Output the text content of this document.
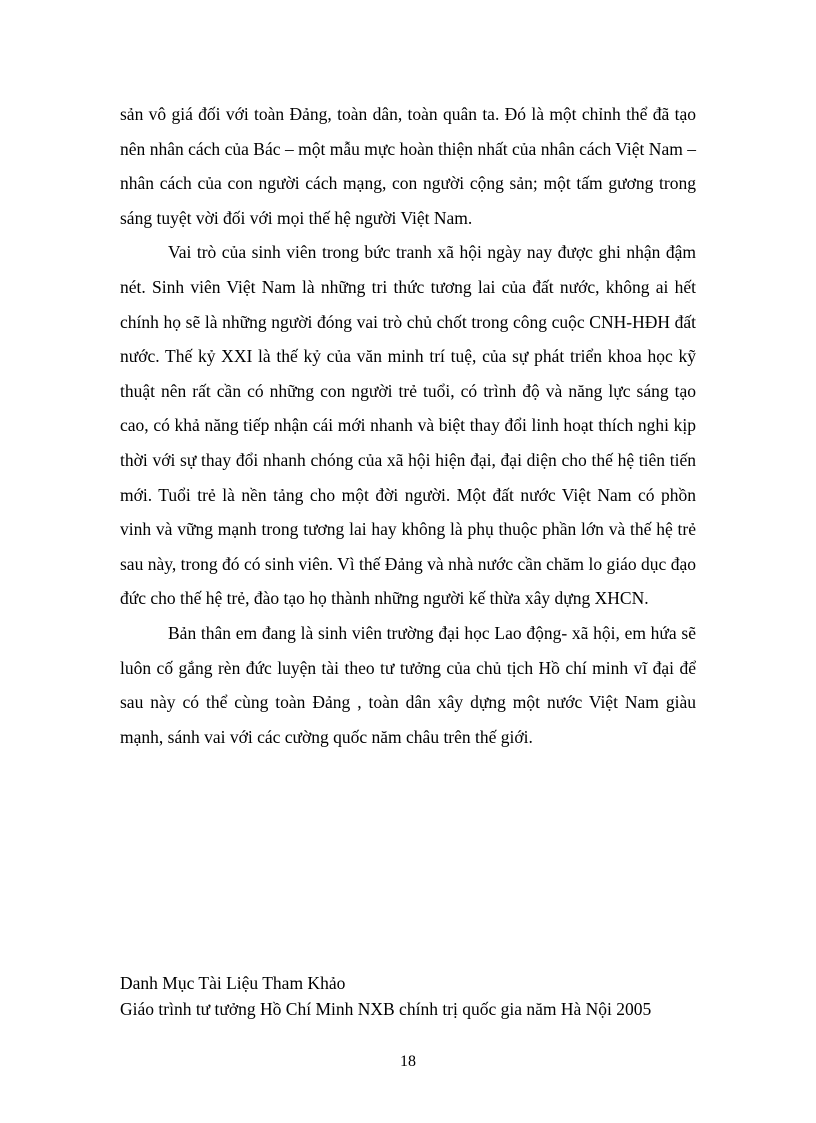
sản vô giá đối với toàn Đảng, toàn dân, toàn quân ta. Đó là một chỉnh thể đã tạo nên nhân cách của Bác – một mẫu mực hoàn thiện nhất của nhân cách Việt Nam – nhân cách của con người cách mạng, con người cộng sản; một tấm gương trong sáng tuyệt vời đối với mọi thế hệ người Việt Nam.

Vai trò của sinh viên trong bức tranh xã hội ngày nay được ghi nhận đậm nét. Sinh viên Việt Nam là những tri thức tương lai của đất nước, không ai hết chính họ sẽ là những người đóng vai trò chủ chốt trong công cuộc CNH-HĐH đất nước. Thế kỷ XXI là thế kỷ của văn minh trí tuệ, của sự phát triển khoa học kỹ thuật nên rất cần có những con người trẻ tuổi, có trình độ và năng lực sáng tạo cao, có khả năng tiếp nhận cái mới nhanh và biệt thay đổi linh hoạt thích nghi kịp thời với sự thay đổi nhanh chóng của xã hội hiện đại, đại diện cho thế hệ tiên tiến mới. Tuổi trẻ là nền tảng cho một đời người. Một đất nước Việt Nam có phồn vinh và vững mạnh trong tương lai hay không là phụ thuộc phần lớn và thế hệ trẻ sau này, trong đó có sinh viên. Vì thế Đảng và nhà nước cần chăm lo giáo dục đạo đức cho thế hệ trẻ, đào tạo họ thành những người kế thừa xây dựng XHCN.

Bản thân em đang là sinh viên trường đại học Lao động- xã hội, em hứa sẽ luôn cố gắng rèn đức luyện tài theo tư tưởng của chủ tịch Hồ chí minh vĩ đại để sau này có thể cùng toàn Đảng , toàn dân xây dựng một nước Việt Nam giàu mạnh, sánh vai với các cường quốc năm châu trên thế giới.

Danh Mục Tài Liệu Tham Khảo
Giáo trình tư tưởng Hồ Chí Minh NXB chính trị quốc gia năm Hà Nội 2005
18
